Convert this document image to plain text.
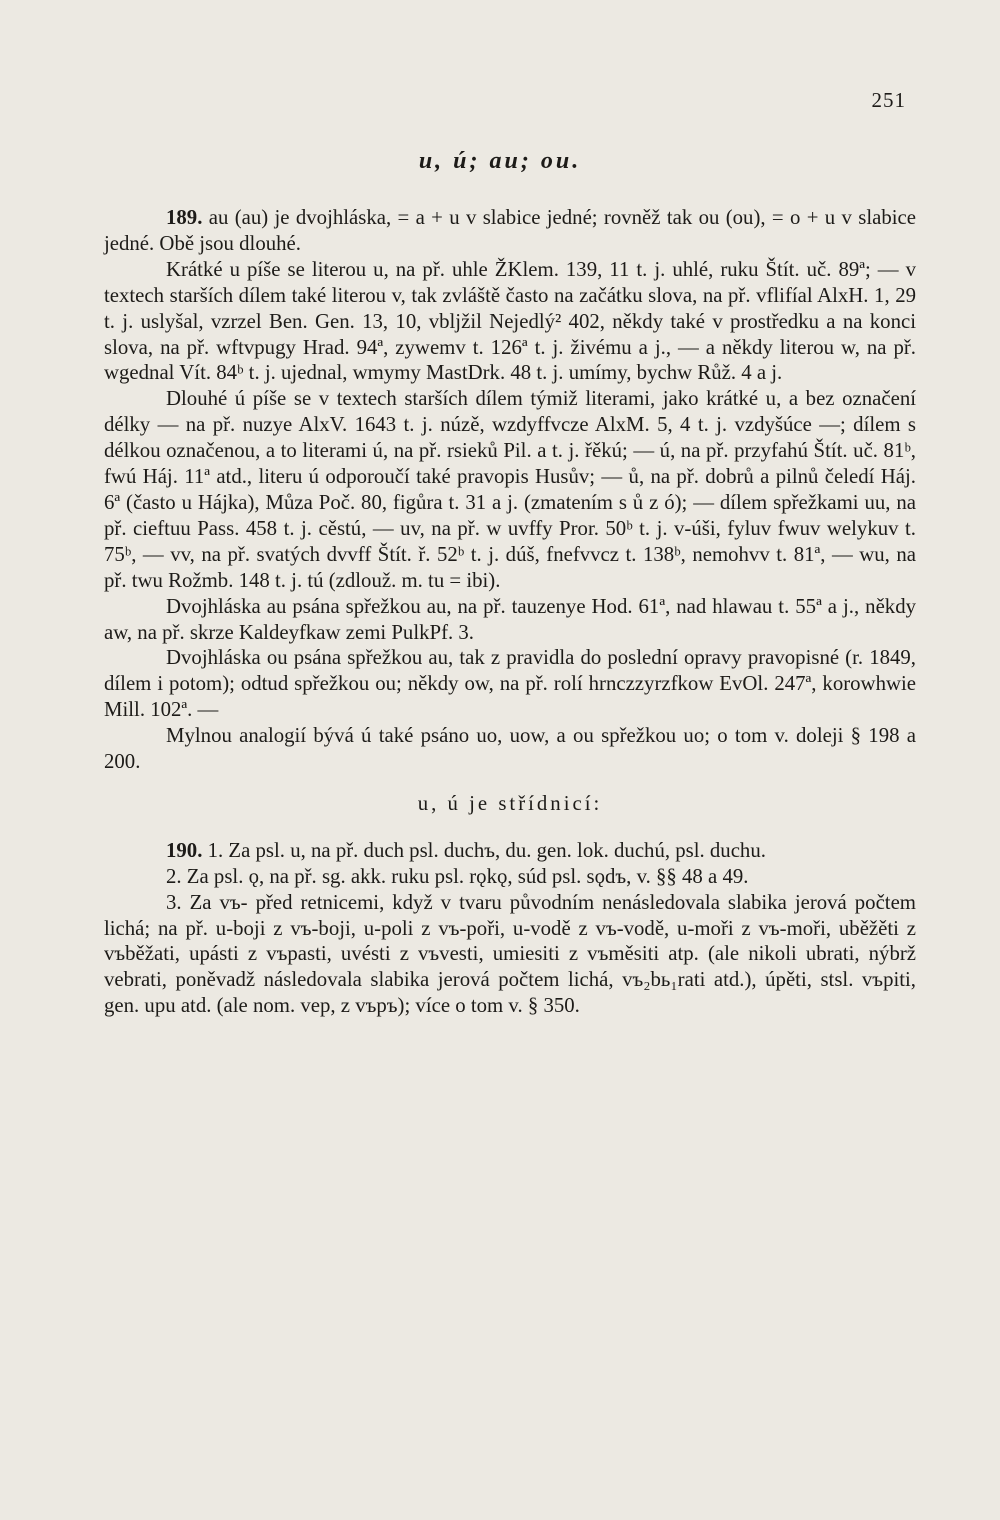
251
u, ú; au; ou.

189. au (au) je dvojhláska, = a + u v slabice jedné; rovněž tak ou (ou), = o + u v slabice jedné. Obě jsou dlouhé.

Krátké u píše se literou u, na př. uhle ŽKlem. 139, 11 t. j. uhlé, ruku Štít. uč. 89ª; — v textech starších dílem také literou v, tak zvláště často na začátku slova, na př. vflifíal AlxH. 1, 29 t. j. uslyšal, vzrzel Ben. Gen. 13, 10, vbljžil Nejedlý² 402, někdy také v prostředku a na konci slova, na př. wftvpugy Hrad. 94ª, zywemv t. 126ª t. j. živému a j., — a někdy literou w, na př. wgednal Vít. 84ᵇ t. j. ujednal, wmymy MastDrk. 48 t. j. umímy, bychw Růž. 4 a j.

Dlouhé ú píše se v textech starších dílem týmiž literami, jako krátké u, a bez označení délky — na př. nuzye AlxV. 1643 t. j. núzě, wzdyffvcze AlxM. 5, 4 t. j. vzdyšúce —; dílem s délkou označenou, a to literami ú, na př. rsieků Pil. a t. j. řěkú; — ú, na př. przyfahú Štít. uč. 81ᵇ, fwú Háj. 11ª atd., literu ú odporoučí také pravopis Husův; — ů, na př. dobrů a pilnů čeledí Háj. 6ª (často u Hájka), Můza Poč. 80, figůra t. 31 a j. (zmatením s ů z ó); — dílem spřežkami uu, na př. cieftuu Pass. 458 t. j. cěstú, — uv, na př. w uvffy Pror. 50ᵇ t. j. v-úši, fyluv fwuv welykuv t. 75ᵇ, — vv, na př. svatých dvvff Štít. ř. 52ᵇ t. j. dúš, fnefvvcz t. 138ᵇ, nemohvv t. 81ª, — wu, na př. twu Rožmb. 148 t. j. tú (zdlouž. m. tu = ibi).

Dvojhláska au psána spřežkou au, na př. tauzenye Hod. 61ª, nad hlawau t. 55ª a j., někdy aw, na př. skrze Kaldeyfkaw zemi PulkPf. 3.

Dvojhláska ou psána spřežkou au, tak z pravidla do poslední opravy pravopisné (r. 1849, dílem i potom); odtud spřežkou ou; někdy ow, na př. rolí hrnczzyrzfkow EvOl. 247ª, korowhwie Mill. 102ª. —

Mylnou analogií bývá ú také psáno uo, uow, a ou spřežkou uo; o tom v. doleji § 198 a 200.

u, ú je střídnicí:

190. 1. Za psl. u, na př. duch psl. duchъ, du. gen. lok. duchú, psl. duchu.

2. Za psl. ǫ, na př. sg. akk. ruku psl. rǫkǫ, súd psl. sǫdъ, v. §§ 48 a 49.

3. Za vъ- před retnicemi, když v tvaru původním nenásledovala slabika jerová počtem lichá; na př. u-boji z vъ-boji, u-poli z vъ-poři, u-vodě z vъ-vodě, u-moři z vъ-moři, uběžěti z vъběžati, upásti z vъpasti, uvésti z vъvesti, umiesiti z vъměsiti atp. (ale nikoli ubrati, nýbrž vebrati, poněvadž následovala slabika jerová počtem lichá, vъ₂bь₁rati atd.), úpěti, stsl. vъpiti, gen. upu atd. (ale nom. vep, z vъpъ); více o tom v. § 350.
